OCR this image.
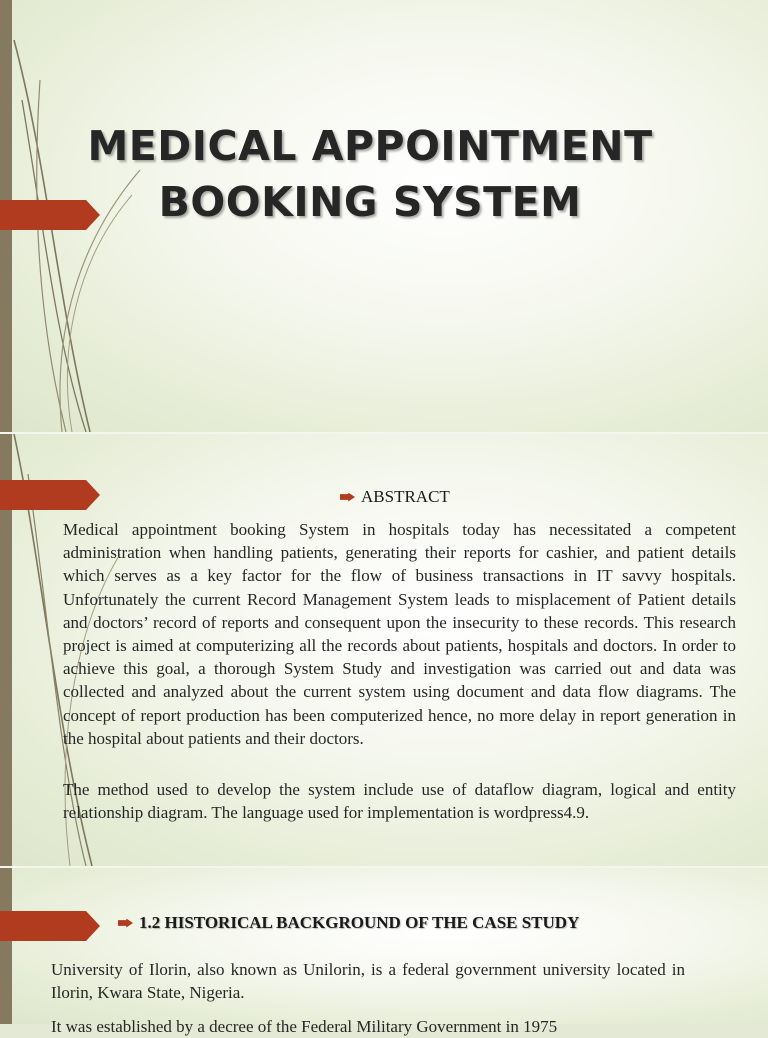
MEDICAL APPOINTMENT
BOOKING SYSTEM
ABSTRACT

Medical appointment booking System in hospitals today has necessitated a competent administration when handling patients, generating their reports for cashier, and patient details which serves as a key factor for the flow of business transactions in IT savvy hospitals. Unfortunately the current Record Management System leads to misplacement of Patient details and doctors’ record of reports and consequent upon the insecurity to these records. This research project is aimed at computerizing all the records about patients, hospitals and doctors. In order to achieve this goal, a thorough System Study and investigation was carried out and data was collected and analyzed about the current system using document and data flow diagrams. The concept of report production has been computerized hence, no more delay in report generation in the hospital about patients and their doctors.

The method used to develop the system include use of dataflow diagram, logical and entity relationship diagram. The language used for implementation is wordpress4.9.

1.2 HISTORICAL BACKGROUND OF THE CASE STUDY

University of Ilorin, also known as Unilorin, is a federal government university located in Ilorin, Kwara State, Nigeria.

It was established by a decree of the Federal Military Government in 1975
